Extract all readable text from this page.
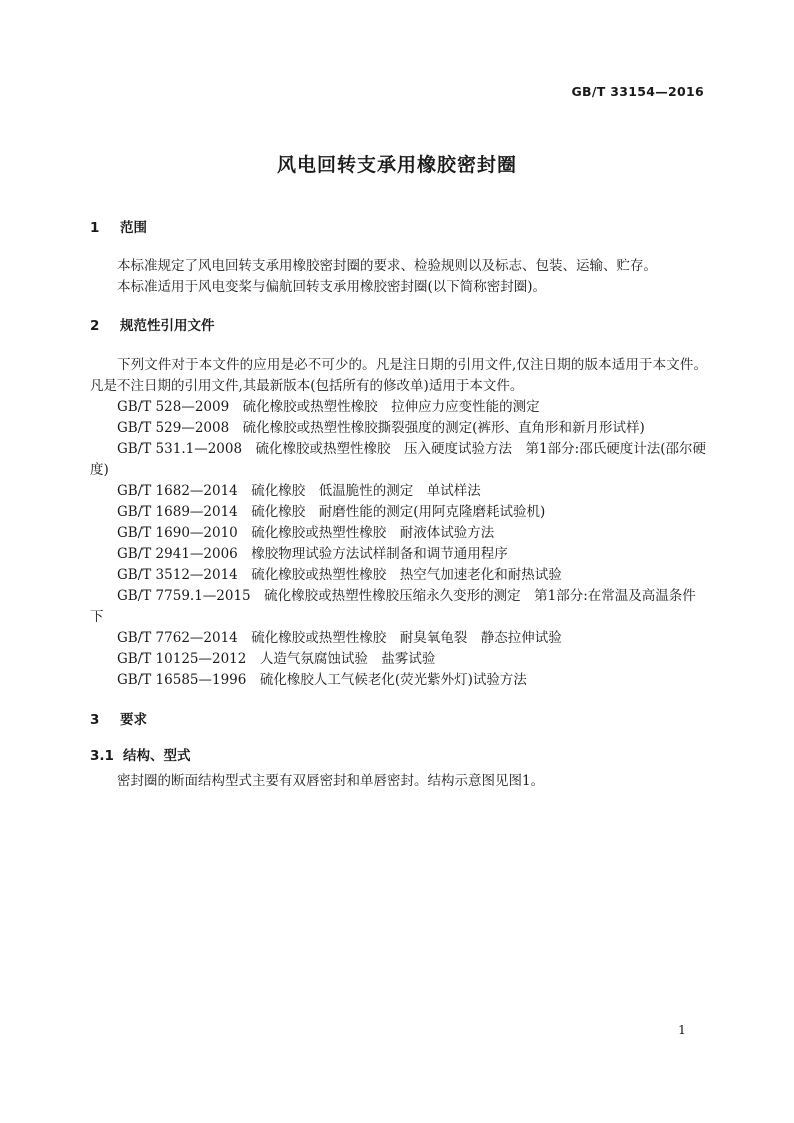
GB/T 33154—2016
风电回转支承用橡胶密封圈
1 范围
本标准规定了风电回转支承用橡胶密封圈的要求、检验规则以及标志、包装、运输、贮存。
本标准适用于风电变桨与偏航回转支承用橡胶密封圈(以下简称密封圈)。
2 规范性引用文件
下列文件对于本文件的应用是必不可少的。凡是注日期的引用文件,仅注日期的版本适用于本文件。凡是不注日期的引用文件,其最新版本(包括所有的修改单)适用于本文件。
GB/T 528—2009　硫化橡胶或热塑性橡胶　拉伸应力应变性能的测定
GB/T 529—2008　硫化橡胶或热塑性橡胶撕裂强度的测定(裤形、直角形和新月形试样)
GB/T 531.1—2008　硫化橡胶或热塑性橡胶　压入硬度试验方法　第1部分:邵氏硬度计法(邵尔硬度)
GB/T 1682—2014　硫化橡胶　低温脆性的测定　单试样法
GB/T 1689—2014　硫化橡胶　耐磨性能的测定(用阿克隆磨耗试验机)
GB/T 1690—2010　硫化橡胶或热塑性橡胶　耐液体试验方法
GB/T 2941—2006　橡胶物理试验方法试样制备和调节通用程序
GB/T 3512—2014　硫化橡胶或热塑性橡胶　热空气加速老化和耐热试验
GB/T 7759.1—2015　硫化橡胶或热塑性橡胶压缩永久变形的测定　第1部分:在常温及高温条件下
GB/T 7762—2014　硫化橡胶或热塑性橡胶　耐臭氧龟裂　静态拉伸试验
GB/T 10125—2012　人造气氛腐蚀试验　盐雾试验
GB/T 16585—1996　硫化橡胶人工气候老化(荧光紫外灯)试验方法
3 要求
3.1 结构、型式
密封圈的断面结构型式主要有双唇密封和单唇密封。结构示意图见图1。
1
